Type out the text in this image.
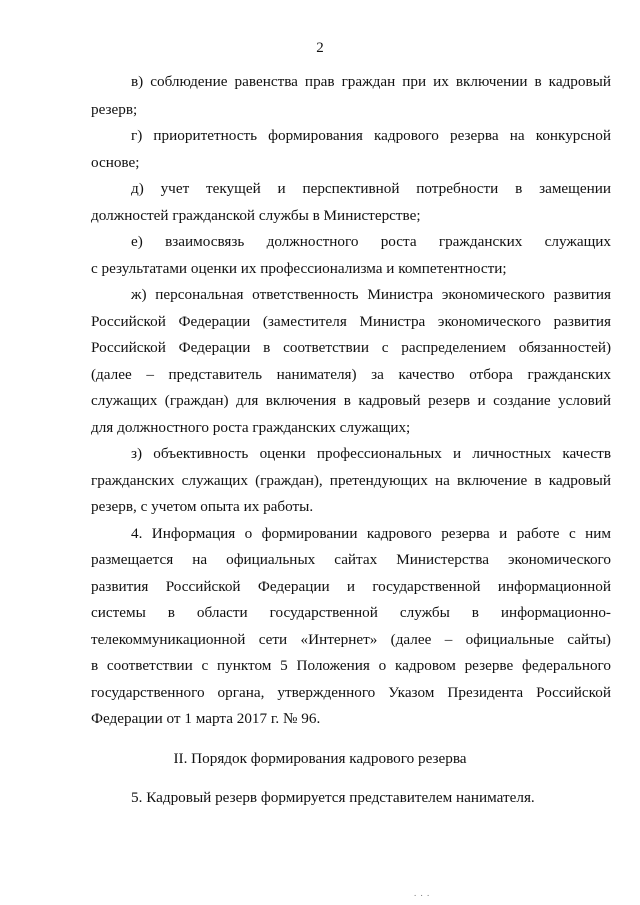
2
в) соблюдение равенства прав граждан при их включении в кадровый
резерв;
г) приоритетность формирования кадрового резерва на конкурсной
основе;
д) учет текущей и перспективной потребности в замещении
должностей гражданской службы в Министерстве;
е) взаимосвязь должностного роста гражданских служащих
с результатами оценки их профессионализма и компетентности;
ж) персональная ответственность Министра экономического развития
Российской Федерации (заместителя Министра экономического развития
Российской Федерации в соответствии с распределением обязанностей)
(далее – представитель нанимателя) за качество отбора гражданских
служащих (граждан) для включения в кадровый резерв и создание условий
для должностного роста гражданских служащих;
з) объективность оценки профессиональных и личностных качеств
гражданских служащих (граждан), претендующих на включение в кадровый
резерв, с учетом опыта их работы.
4. Информация о формировании кадрового резерва и работе с ним
размещается на официальных сайтах Министерства экономического
развития Российской Федерации и государственной информационной
системы в области государственной службы в информационно-
телекоммуникационной сети «Интернет» (далее – официальные сайты)
в соответствии с пунктом 5 Положения о кадровом резерве федерального
государственного органа, утвержденного Указом Президента Российской
Федерации от 1 марта 2017 г. № 96.
II. Порядок формирования кадрового резерва
5. Кадровый резерв формируется представителем нанимателя.
. . .
